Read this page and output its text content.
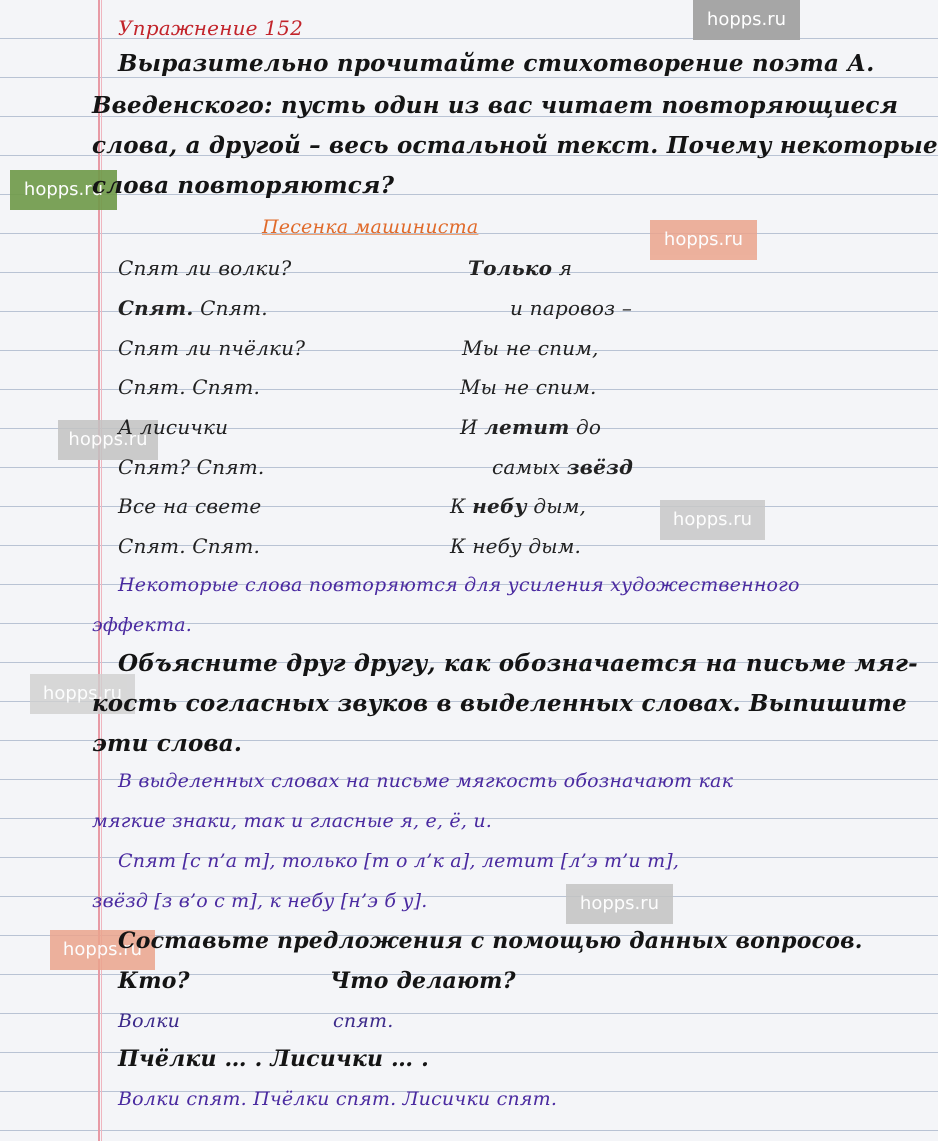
hopps.ru
hopps.ru
hopps.ru
hopps.ru
hopps.ru
hopps.ru
hopps.ru
hopps.ru
Упражнение 152
Выразительно прочитайте стихотворение поэта А.
Введенского: пусть один из вас читает повторяющиеся
слова, а другой – весь остальной текст. Почему некоторые
слова повторяются?
Песенка машиниста
Спят ли волки?
Спят. Спят.
Спят ли пчёлки?
Спят. Спят.
А лисички
Спят? Спят.
Все на свете
Спят. Спят.
Только я
и паровоз –
Мы не спим,
Мы не спим.
И летит до
самых звёзд
К небу дым,
К небу дым.
Некоторые слова повторяются для усиления художественного
эффекта.
Объясните друг другу, как обозначается на письме мяг-
кость согласных звуков в выделенных словах. Выпишите
эти слова.
В выделенных словах на письме мягкость обозначают как
мягкие знаки, так и гласные я, е, ё, и.
Спят [с п’а т], только [т о л’к а], летит [л’э т’и т],
звёзд [з в’о с т], к небу [н’э б у].
Составьте предложения с помощью данных вопросов.
Кто?	Что делают?
Волки	спят.
Пчёлки … . Лисички … .
Волки спят. Пчёлки спят. Лисички спят.
